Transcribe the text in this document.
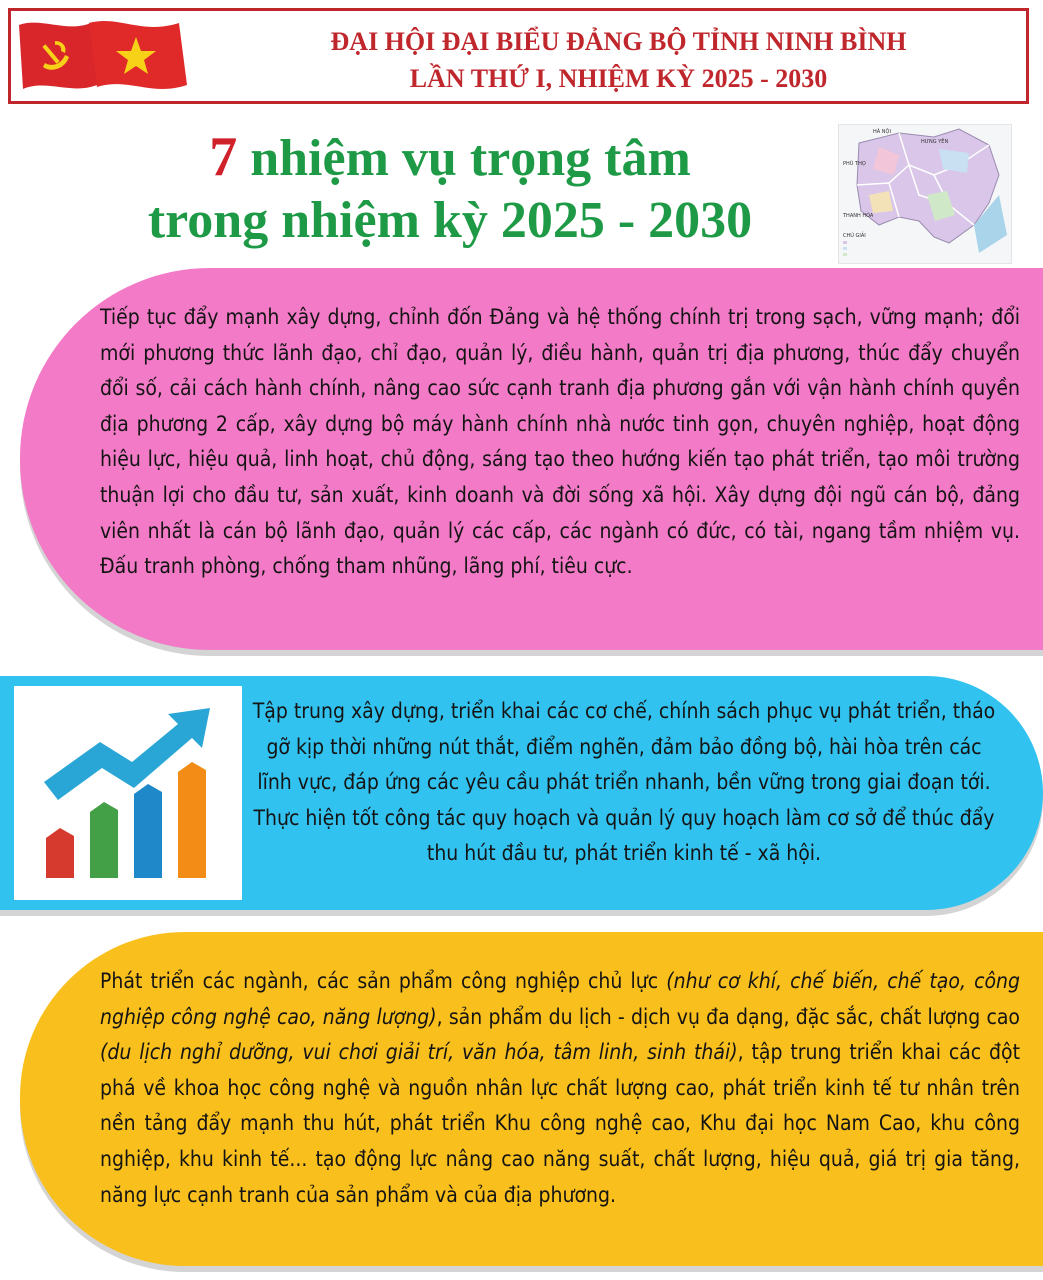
ĐẠI HỘI ĐẠI BIỂU ĐẢNG BỘ TỈNH NINH BÌNH
LẦN THỨ I, NHIỆM KỲ 2025 - 2030
7 nhiệm vụ trọng tâm
trong nhiệm kỳ 2025 - 2030
HÀ NỘI
HƯNG YÊN
PHÚ THỌ
THANH HÓA
CHÚ GIẢI
Tiếp tục đẩy mạnh xây dựng, chỉnh đốn Đảng và hệ thống chính trị trong sạch, vững mạnh; đổi mới phương thức lãnh đạo, chỉ đạo, quản lý, điều hành, quản trị địa phương, thúc đẩy chuyển đổi số, cải cách hành chính, nâng cao sức cạnh tranh địa phương gắn với vận hành chính quyền địa phương 2 cấp, xây dựng bộ máy hành chính nhà nước tinh gọn, chuyên nghiệp, hoạt động hiệu lực, hiệu quả, linh hoạt, chủ động, sáng tạo theo hướng kiến tạo phát triển, tạo môi trường thuận lợi cho đầu tư, sản xuất, kinh doanh và đời sống xã hội. Xây dựng đội ngũ cán bộ, đảng viên nhất là cán bộ lãnh đạo, quản lý các cấp, các ngành có đức, có tài, ngang tầm nhiệm vụ. Đấu tranh phòng, chống tham nhũng, lãng phí, tiêu cực.
Tập trung xây dựng, triển khai các cơ chế, chính sách phục vụ phát triển, tháo gỡ kịp thời những nút thắt, điểm nghẽn, đảm bảo đồng bộ, hài hòa trên các lĩnh vực, đáp ứng các yêu cầu phát triển nhanh, bền vững trong giai đoạn tới. Thực hiện tốt công tác quy hoạch và quản lý quy hoạch làm cơ sở để thúc đẩy thu hút đầu tư, phát triển kinh tế - xã hội.
Phát triển các ngành, các sản phẩm công nghiệp chủ lực (như cơ khí, chế biến, chế tạo, công nghiệp công nghệ cao, năng lượng), sản phẩm du lịch - dịch vụ đa dạng, đặc sắc, chất lượng cao (du lịch nghỉ dưỡng, vui chơi giải trí, văn hóa, tâm linh, sinh thái), tập trung triển khai các đột phá về khoa học công nghệ và nguồn nhân lực chất lượng cao, phát triển kinh tế tư nhân trên nền tảng đẩy mạnh thu hút, phát triển Khu công nghệ cao, Khu đại học Nam Cao, khu công nghiệp, khu kinh tế... tạo động lực nâng cao năng suất, chất lượng, hiệu quả, giá trị gia tăng, năng lực cạnh tranh của sản phẩm và của địa phương.
